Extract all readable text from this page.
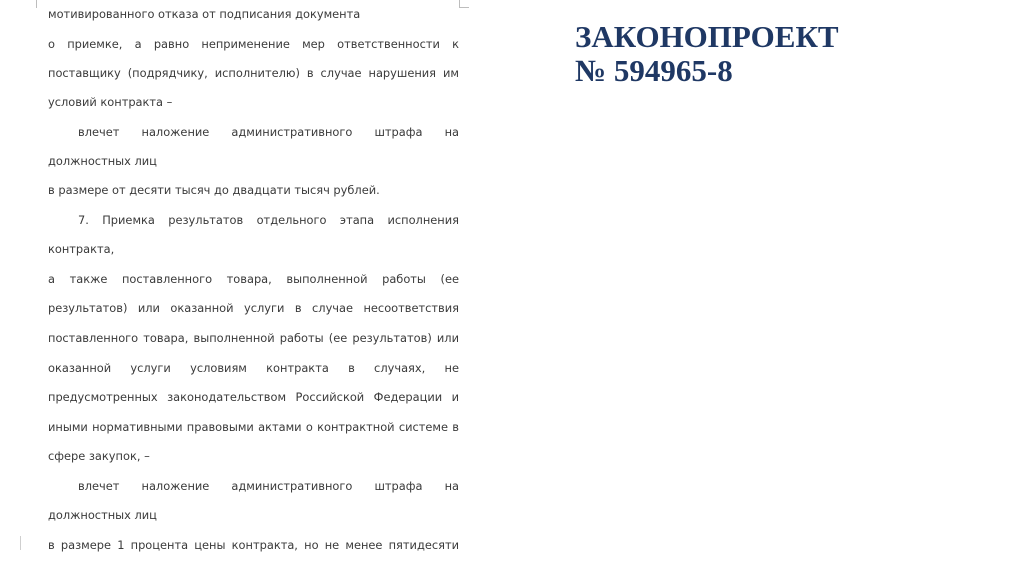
мотивированного отказа от подписания документа
о приемке, а равно неприменение мер ответственности к
поставщику (подрядчику, исполнителю) в случае нарушения им
условий контракта –
влечет наложение административного штрафа на
должностных лиц
в размере от десяти тысяч до двадцати тысяч рублей.
7. Приемка результатов отдельного этапа исполнения
контракта,
а также поставленного товара, выполненной работы (ее
результатов) или оказанной услуги в случае несоответствия
поставленного товара, выполненной работы (ее результатов) или
оказанной услуги условиям контракта в случаях, не
предусмотренных законодательством Российской Федерации и
иными нормативными правовыми актами о контрактной системе в
сфере закупок, –
влечет наложение административного штрафа на
должностных лиц
в размере 1 процента цены контракта, но не менее пятидесяти
ЗАКОНОПРОЕКТ
№ 594965-8
